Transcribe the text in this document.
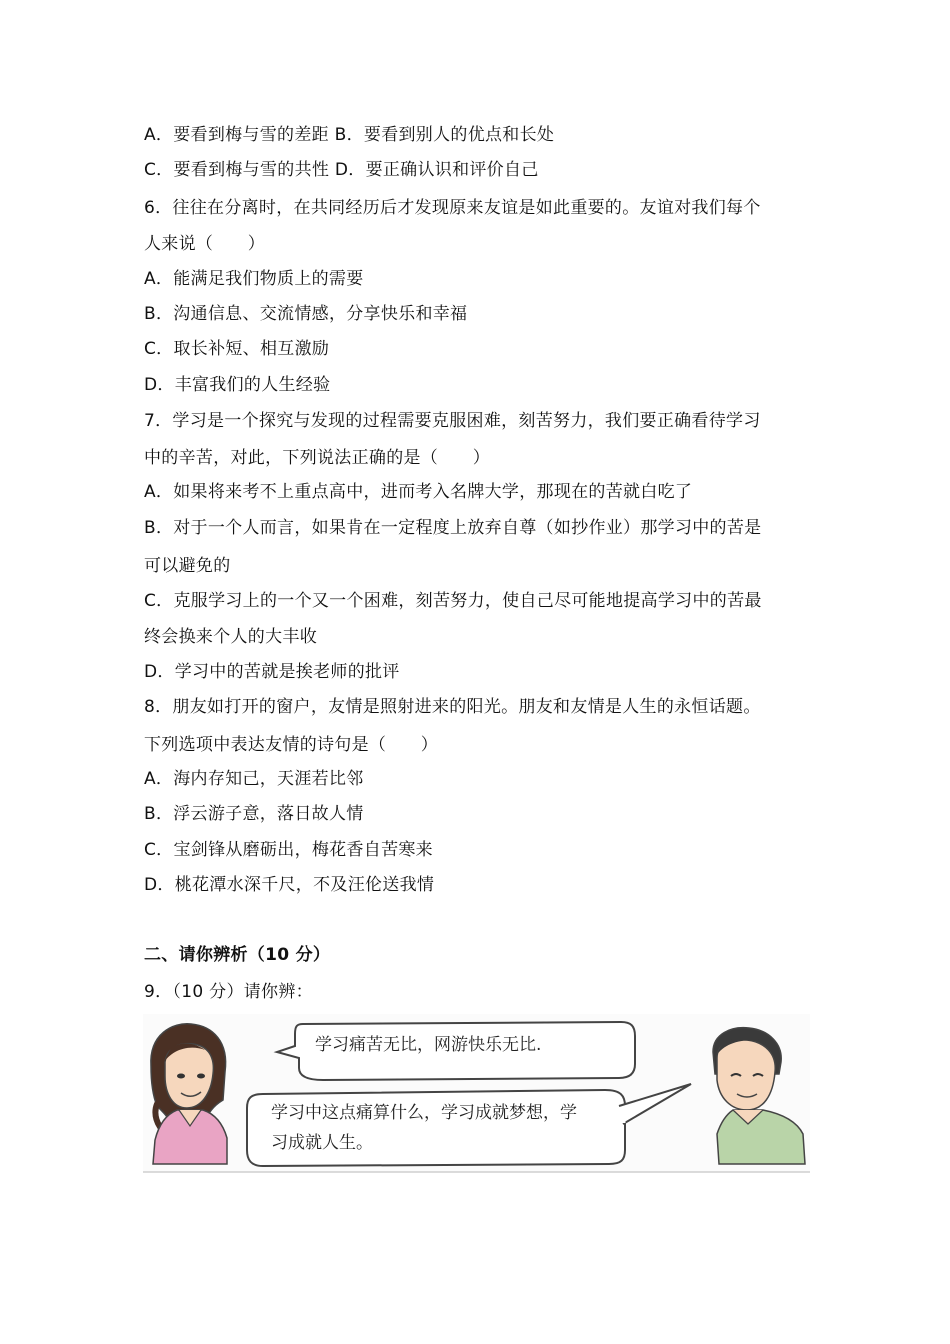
A．要看到梅与雪的差距 B．要看到别人的优点和长处
C．要看到梅与雪的共性 D．要正确认识和评价自己
6．往往在分离时，在共同经历后才发现原来友谊是如此重要的。友谊对我们每个
人来说（　　）
A．能满足我们物质上的需要
B．沟通信息、交流情感，分享快乐和幸福
C．取长补短、相互激励
D．丰富我们的人生经验
7．学习是一个探究与发现的过程需要克服困难，刻苦努力，我们要正确看待学习
中的辛苦，对此，下列说法正确的是（　　）
A．如果将来考不上重点高中，进而考入名牌大学，那现在的苦就白吃了
B．对于一个人而言，如果肯在一定程度上放弃自尊（如抄作业）那学习中的苦是
可以避免的
C．克服学习上的一个又一个困难，刻苦努力，使自己尽可能地提高学习中的苦最
终会换来个人的大丰收
D．学习中的苦就是挨老师的批评
8．朋友如打开的窗户，友情是照射进来的阳光。朋友和友情是人生的永恒话题。
下列选项中表达友情的诗句是（　　）
A．海内存知己，天涯若比邻
B．浮云游子意，落日故人情
C．宝剑锋从磨砺出，梅花香自苦寒来
D．桃花潭水深千尺，不及汪伦送我情
二、请你辨析（10 分）
9．（10 分）请你辨：
学习痛苦无比，网游快乐无比.
学习中这点痛算什么，学习成就梦想，学
习成就人生。
